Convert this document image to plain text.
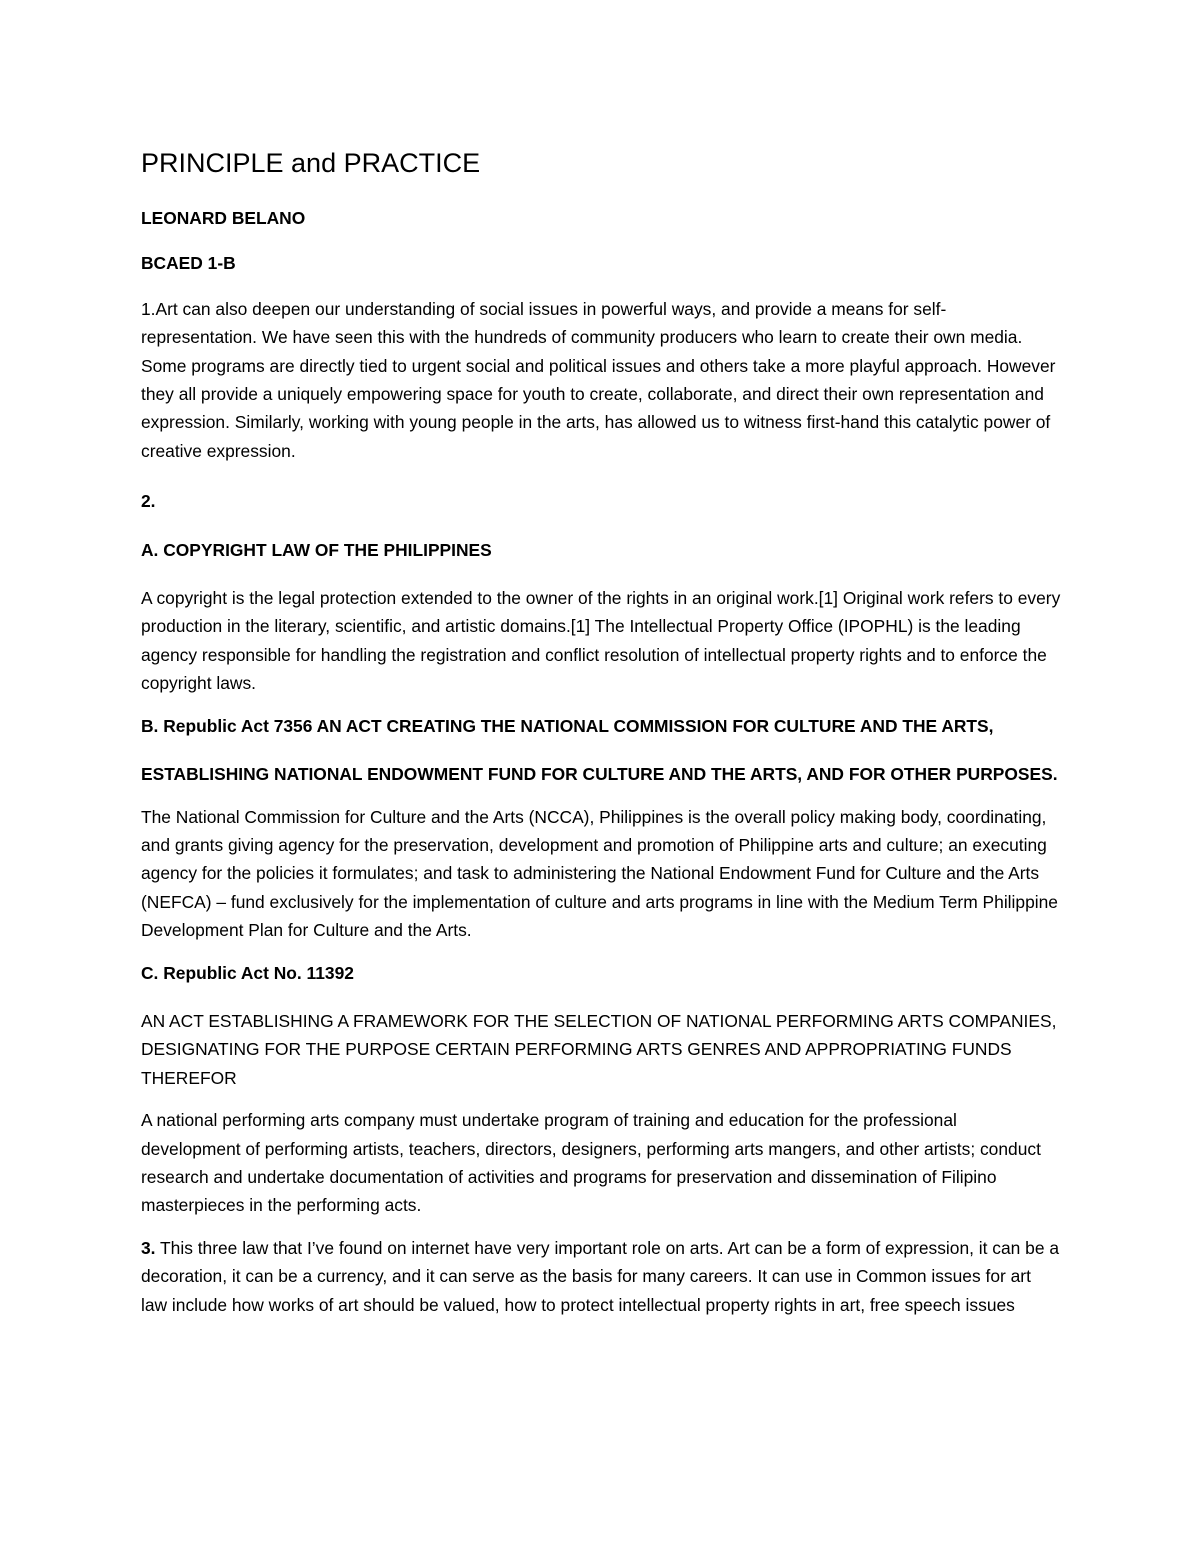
PRINCIPLE and PRACTICE

LEONARD BELANO

BCAED 1-B

1.Art can also deepen our understanding of social issues in powerful ways, and provide a means for self-representation. We have seen this with the hundreds of community producers who learn to create their own media. Some programs are directly tied to urgent social and political issues and others take a more playful approach. However they all provide a uniquely empowering space for youth to create, collaborate, and direct their own representation and expression. Similarly, working with young people in the arts, has allowed us to witness first-hand this catalytic power of creative expression.

2.

A. COPYRIGHT LAW OF THE PHILIPPINES

A copyright is the legal protection extended to the owner of the rights in an original work.[1] Original work refers to every production in the literary, scientific, and artistic domains.[1] The Intellectual Property Office (IPOPHL) is the leading agency responsible for handling the registration and conflict resolution of intellectual property rights and to enforce the copyright laws.

B. Republic Act 7356 AN ACT CREATING THE NATIONAL COMMISSION FOR CULTURE AND THE ARTS,

ESTABLISHING NATIONAL ENDOWMENT FUND FOR CULTURE AND THE ARTS, AND FOR OTHER PURPOSES.

The National Commission for Culture and the Arts (NCCA), Philippines is the overall policy making body, coordinating, and grants giving agency for the preservation, development and promotion of Philippine arts and culture; an executing agency for the policies it formulates; and task to administering the National Endowment Fund for Culture and the Arts (NEFCA) – fund exclusively for the implementation of culture and arts programs in line with the Medium Term Philippine Development Plan for Culture and the Arts.

C. Republic Act No. 11392

AN ACT ESTABLISHING A FRAMEWORK FOR THE SELECTION OF NATIONAL PERFORMING ARTS COMPANIES, DESIGNATING FOR THE PURPOSE CERTAIN PERFORMING ARTS GENRES AND APPROPRIATING FUNDS THEREFOR

A national performing arts company must undertake program of training and education for the professional development of performing artists, teachers, directors, designers, performing arts mangers, and other artists; conduct research and undertake documentation of activities and programs for preservation and dissemination of Filipino masterpieces in the performing acts.

3. This three law that I’ve found on internet have very important role on arts. Art can be a form of expression, it can be a decoration, it can be a currency, and it can serve as the basis for many careers. It can use in Common issues for art law include how works of art should be valued, how to protect intellectual property rights in art, free speech issues
